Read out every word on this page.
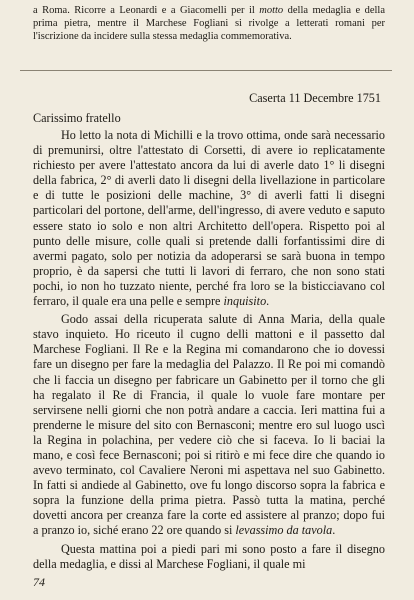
a Roma. Ricorre a Leonardi e a Giacomelli per il motto della medaglia e della prima pietra, mentre il Marchese Fogliani si rivolge a letterati romani per l'iscrizione da incidere sulla stessa medaglia commemorativa.

Caserta 11 Decembre 1751

Carissimo fratello

Ho letto la nota di Michilli e la trovo ottima, onde sarà necessario di premunirsi, oltre l'attestato di Corsetti, di avere io replicatamente richiesto per avere l'attestato ancora da lui di averle dato 1° li disegni della fabrica, 2° di averli dato li disegni della livellazione in particolare e di tutte le posizioni delle machine, 3° di averli fatti li disegni particolari del portone, dell'arme, dell'ingresso, di avere veduto e saputo essere stato io solo e non altri Architetto dell'opera. Rispetto poi al punto delle misure, colle quali si pretende dalli forfantissimi dire di avermi pagato, solo per notizia da adoperarsi se sarà buona in tempo proprio, è da sapersi che tutti li lavori di ferraro, che non sono stati pochi, io non ho tuzzato niente, perché fra loro se la bisticciavano col ferraro, il quale era una pelle e sempre inquisito.

Godo assai della ricuperata salute di Anna Maria, della quale stavo inquieto. Ho riceuto il cugno delli mattoni e il passetto dal Marchese Fogliani. Il Re e la Regina mi comandarono che io dovessi fare un disegno per fare la medaglia del Palazzo. Il Re poi mi comandò che li faccia un disegno per fabricare un Gabinetto per il torno che gli ha regalato il Re di Francia, il quale lo vuole fare montare per servirsene nelli giorni che non potrà andare a caccia. Ieri mattina fui a prenderne le misure del sito con Bernasconi; mentre ero sul luogo uscì la Regina in polachina, per vedere ciò che si faceva. Io li baciai la mano, e così fece Bernasconi; poi si ritirò e mi fece dire che quando io avevo terminato, col Cavaliere Neroni mi aspettava nel suo Gabinetto. In fatti si andiede al Gabinetto, ove fu longo discorso sopra la fabrica e sopra la funzione della prima pietra. Passò tutta la matina, perché dovetti ancora per creanza fare la corte ed assistere al pranzo; dopo fui a pranzo io, siché erano 22 ore quando si levassimo da tavola.

Questa mattina poi a piedi pari mi sono posto a fare il disegno della medaglia, e dissi al Marchese Fogliani, il quale mi

74
